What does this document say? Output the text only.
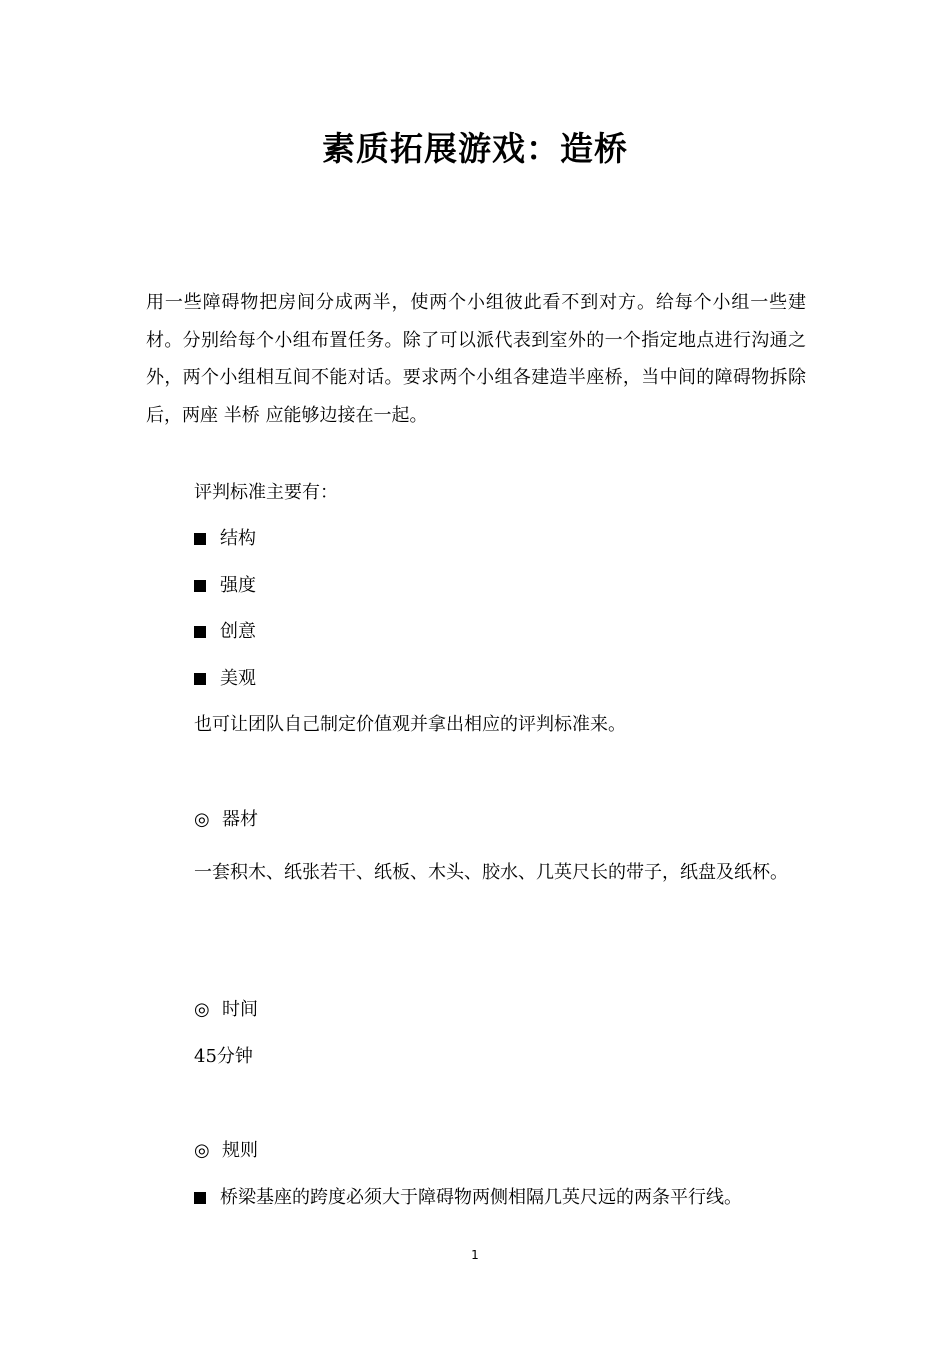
素质拓展游戏：造桥

用一些障碍物把房间分成两半，使两个小组彼此看不到对方。给每个小组一些建材。分别给每个小组布置任务。除了可以派代表到室外的一个指定地点进行沟通之外，两个小组相互间不能对话。要求两个小组各建造半座桥，当中间的障碍物拆除后，两座 半桥 应能够边接在一起。

评判标准主要有：

结构

强度

创意

美观

也可让团队自己制定价值观并拿出相应的评判标准来。

◎ 器材

一套积木、纸张若干、纸板、木头、胶水、几英尺长的带子，纸盘及纸杯。

◎ 时间

45分钟

◎ 规则

桥梁基座的跨度必须大于障碍物两侧相隔几英尺远的两条平行线。

1
